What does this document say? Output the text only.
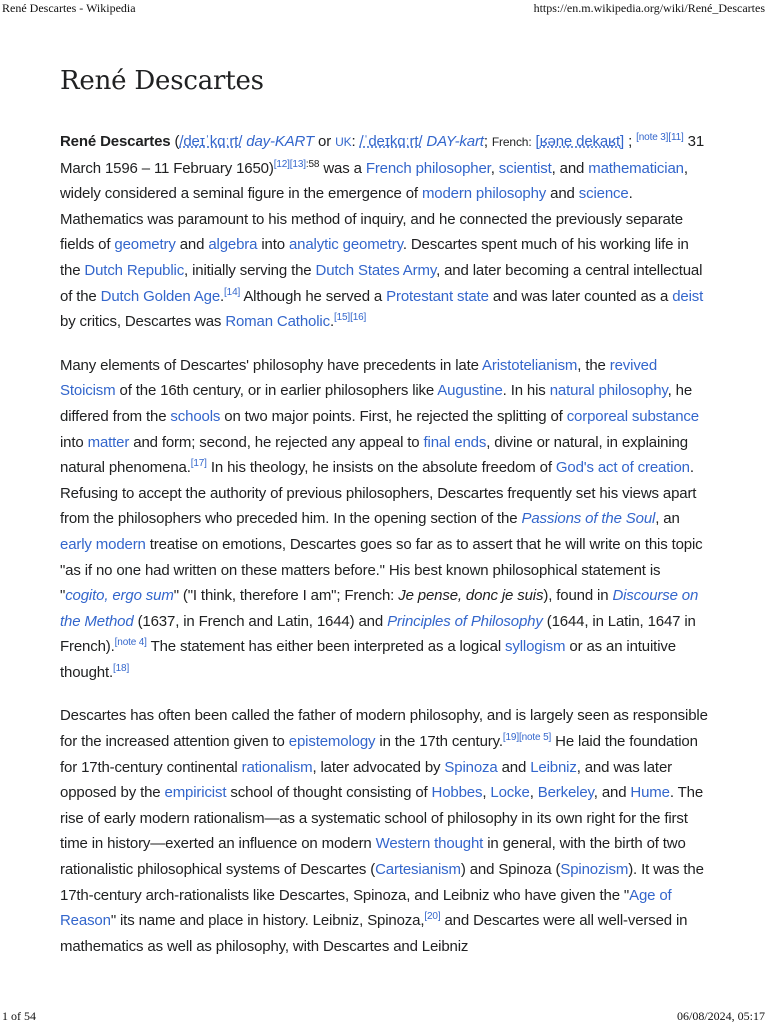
René Descartes - Wikipedia	https://en.m.wikipedia.org/wiki/René_Descartes
René Descartes

René Descartes (/deɪˈkɑːrt/ day-KART or UK: /ˈdeɪkɑːrt/ DAY-kart; French: [ʁəne dekaʁt] ; [note 3][11] 31 March 1596 – 11 February 1650)$^{[12][13]:58}$ was a French philosopher, scientist, and mathematician, widely considered a seminal figure in the emergence of modern philosophy and science. Mathematics was paramount to his method of inquiry, and he connected the previously separate fields of geometry and algebra into analytic geometry. Descartes spent much of his working life in the Dutch Republic, initially serving the Dutch States Army, and later becoming a central intellectual of the Dutch Golden Age.[14] Although he served a Protestant state and was later counted as a deist by critics, Descartes was Roman Catholic.[15][16]

Many elements of Descartes' philosophy have precedents in late Aristotelianism, the revived Stoicism of the 16th century, or in earlier philosophers like Augustine. In his natural philosophy, he differed from the schools on two major points. First, he rejected the splitting of corporeal substance into matter and form; second, he rejected any appeal to final ends, divine or natural, in explaining natural phenomena.[17] In his theology, he insists on the absolute freedom of God's act of creation. Refusing to accept the authority of previous philosophers, Descartes frequently set his views apart from the philosophers who preceded him. In the opening section of the Passions of the Soul, an early modern treatise on emotions, Descartes goes so far as to assert that he will write on this topic "as if no one had written on these matters before." His best known philosophical statement is "cogito, ergo sum" ("I think, therefore I am"; French: Je pense, donc je suis), found in Discourse on the Method (1637, in French and Latin, 1644) and Principles of Philosophy (1644, in Latin, 1647 in French).[note 4] The statement has either been interpreted as a logical syllogism or as an intuitive thought.[18]

Descartes has often been called the father of modern philosophy, and is largely seen as responsible for the increased attention given to epistemology in the 17th century.[19][note 5] He laid the foundation for 17th-century continental rationalism, later advocated by Spinoza and Leibniz, and was later opposed by the empiricist school of thought consisting of Hobbes, Locke, Berkeley, and Hume. The rise of early modern rationalism—as a systematic school of philosophy in its own right for the first time in history—exerted an influence on modern Western thought in general, with the birth of two rationalistic philosophical systems of Descartes (Cartesianism) and Spinoza (Spinozism). It was the 17th-century arch-rationalists like Descartes, Spinoza, and Leibniz who have given the "Age of Reason" its name and place in history. Leibniz, Spinoza,[20] and Descartes were all well-versed in mathematics as well as philosophy, with Descartes and Leibniz

1 of 54	06/08/2024, 05:17
